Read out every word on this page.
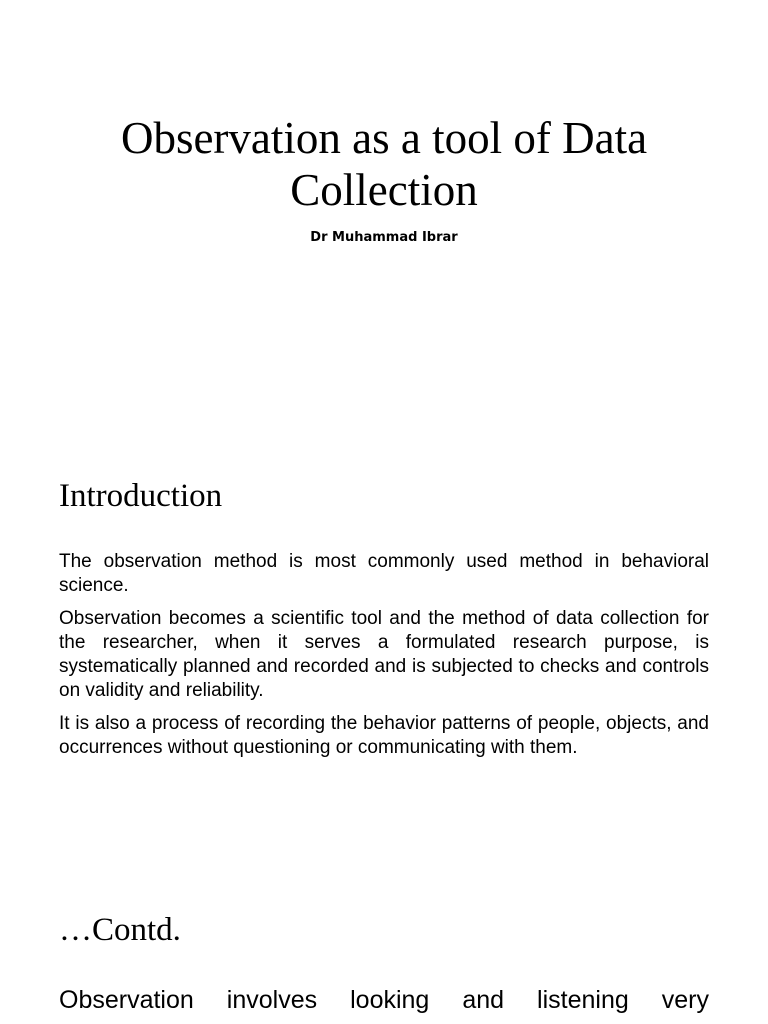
Observation as a tool of Data Collection
Dr Muhammad Ibrar
Introduction

The observation method is most commonly used method in behavioral science.

Observation becomes a scientific tool and the method of data collection for the researcher, when it serves a formulated research purpose, is systematically planned and recorded and is subjected to checks and controls on validity and reliability.

It is also a process of recording the behavior patterns of people, objects, and occurrences without questioning or communicating with them.

…Contd.

Observation involves looking and listening very
